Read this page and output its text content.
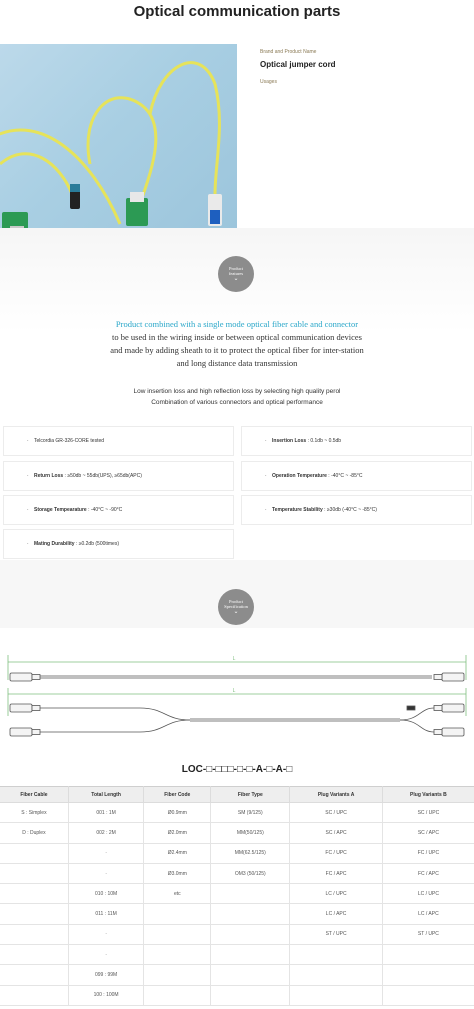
Optical communication parts
Brand and Product Name
Optical jumper cord
Usages
Product
features
⌄
Product combined with a single mode optical fiber cable and connector
to be used in the wiring inside or between optical communication devices
and made by adding sheath to it to protect the optical fiber for inter-station
and long distance data transmission
Low insertion loss and high reflection loss by selecting high quality perol
Combination of various connectors and optical performance
· Telcordia GR-326-CORE tested	· Insertion Loss : 0.1db ~ 0.5db
· Return Loss : ≥50db ~ 55db(UPS), ≥65db(APC)	· Operation Temperature : -40°C ~ -85°C
· Storage Tempearature : -40°C ~ -90°C	· Temperature Stability : ≥30db (-40°C ~ -85°C)
· Mating Durability : ≥0.2db (500times)
Product
Specification
⌄
L
L
LOC-□-□□□-□-□-A-□-A-□
Fiber Cable	Total Length	Fiber Code	Fiber Type	Plug Variants A	Plug Variants B
S : Simplex	001 : 1M	Ø0.9mm	SM (9/125)	SC / UPC	SC / UPC
D : Duplex	002 : 2M	Ø2.0mm	MM(50/125)	SC / APC	SC / APC
	·	Ø2.4mm	MM(62.5/125)	FC / UPC	FC / UPC
	·	Ø3.0mm	OM3 (50/125)	FC / APC	FC / APC
	010 : 10M	etc		LC / UPC	LC / UPC
	011 : 11M			LC / APC	LC / APC
	·			ST / UPC	ST / UPC
	·				
	099 : 99M				
	100 : 100M				
